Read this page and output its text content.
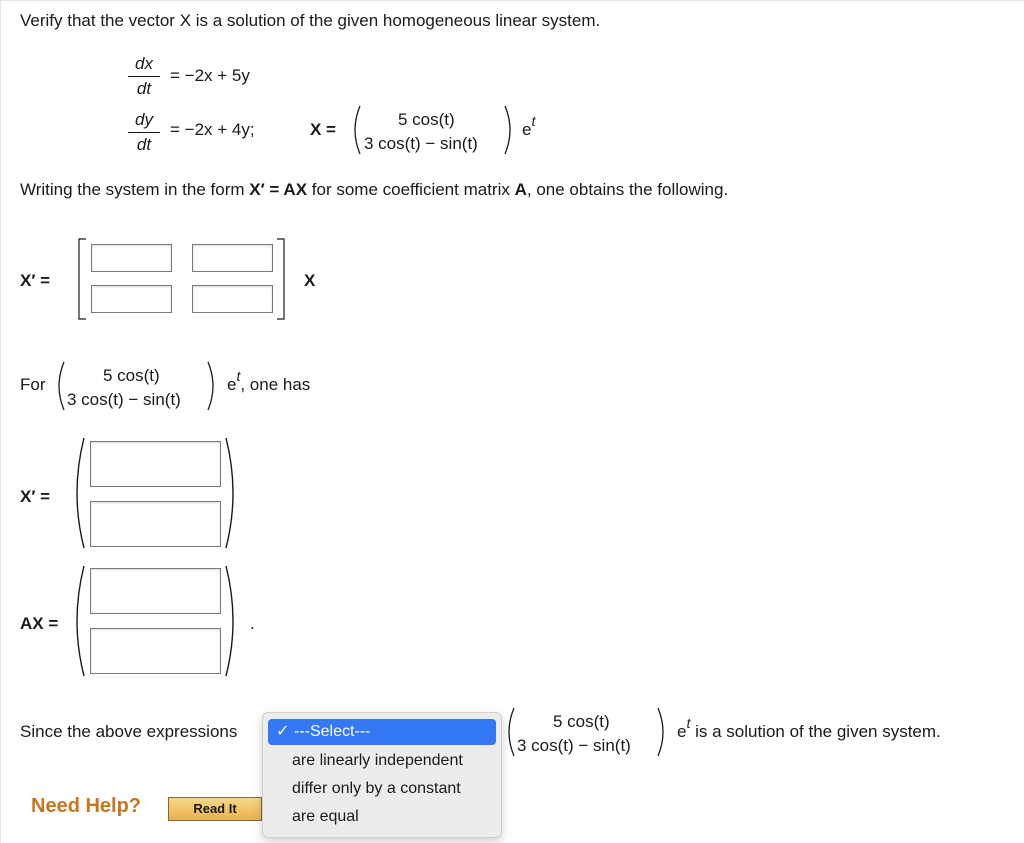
Verify that the vector X is a solution of the given homogeneous linear system.
dx
dt
= −2x + 5y
dy
dt
= −2x + 4y;	X =
5 cos(t)
3 cos(t) − sin(t)
$e^t$
Writing the system in the form X′ = AX for some coefficient matrix A, one obtains the following.
X′ =	X
For	5 cos(t)
3 cos(t) − sin(t)
$e^t$, one has
X′ =
AX =	.
Since the above expressions
5 cos(t)
3 cos(t) − sin(t)
$e^t$ is a solution of the given system.
Need Help?	Read It
✓ ---Select---
are linearly independent
differ only by a constant
are equal
